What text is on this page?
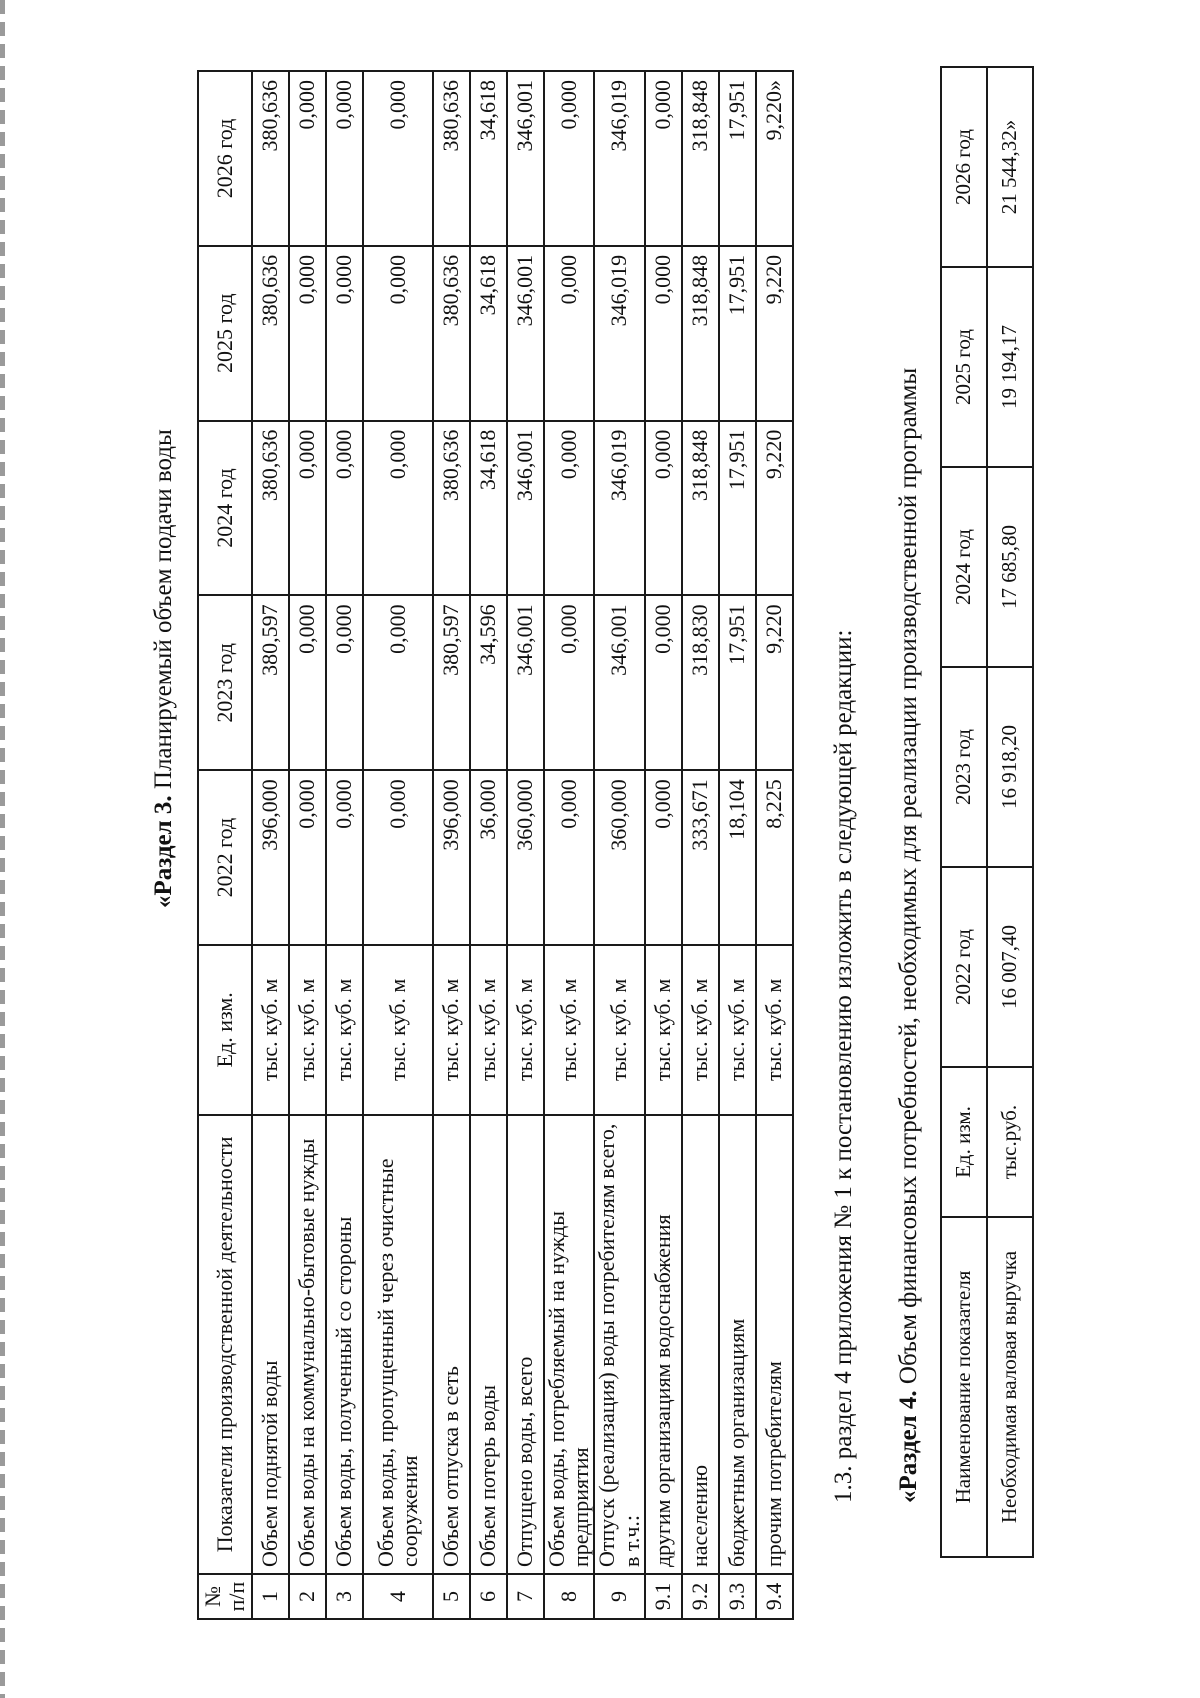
«Раздел 3. Планируемый объем подачи воды
№ п/п	Показатели производственной деятельности	Ед. изм.	2022 год	2023 год	2024 год	2025 год	2026 год
1	Объем поднятой воды	тыс. куб. м	396,000	380,597	380,636	380,636	380,636
2	Объем воды на коммунально-бытовые нужды	тыс. куб. м	0,000	0,000	0,000	0,000	0,000
3	Объем воды, полученный со стороны	тыс. куб. м	0,000	0,000	0,000	0,000	0,000
4	Объем воды, пропущенный через очистные сооружения	тыс. куб. м	0,000	0,000	0,000	0,000	0,000
5	Объем отпуска в сеть	тыс. куб. м	396,000	380,597	380,636	380,636	380,636
6	Объем потерь воды	тыс. куб. м	36,000	34,596	34,618	34,618	34,618
7	Отпущено воды, всего	тыс. куб. м	360,000	346,001	346,001	346,001	346,001
8	Объем воды, потребляемый на нужды предприятия	тыс. куб. м	0,000	0,000	0,000	0,000	0,000
9	Отпуск (реализация) воды потребителям всего, в т.ч.:	тыс. куб. м	360,000	346,001	346,019	346,019	346,019
9.1	другим организациям водоснабжения	тыс. куб. м	0,000	0,000	0,000	0,000	0,000
9.2	населению	тыс. куб. м	333,671	318,830	318,848	318,848	318,848
9.3	бюджетным организациям	тыс. куб. м	18,104	17,951	17,951	17,951	17,951
9.4	прочим потребителям	тыс. куб. м	8,225	9,220	9,220	9,220	9,220»
1.3. раздел 4 приложения № 1 к постановлению изложить в следующей редакции: «Раздел 4. Объем финансовых потребностей, необходимых для реализации производственной программы Наименование показателя	Ед. изм.	2022 год	2023 год	2024 год	2025 год	2026 год
Необходимая валовая выручка	тыс.руб.	16 007,40	16 918,20	17 685,80	19 194,17	21 544,32»
